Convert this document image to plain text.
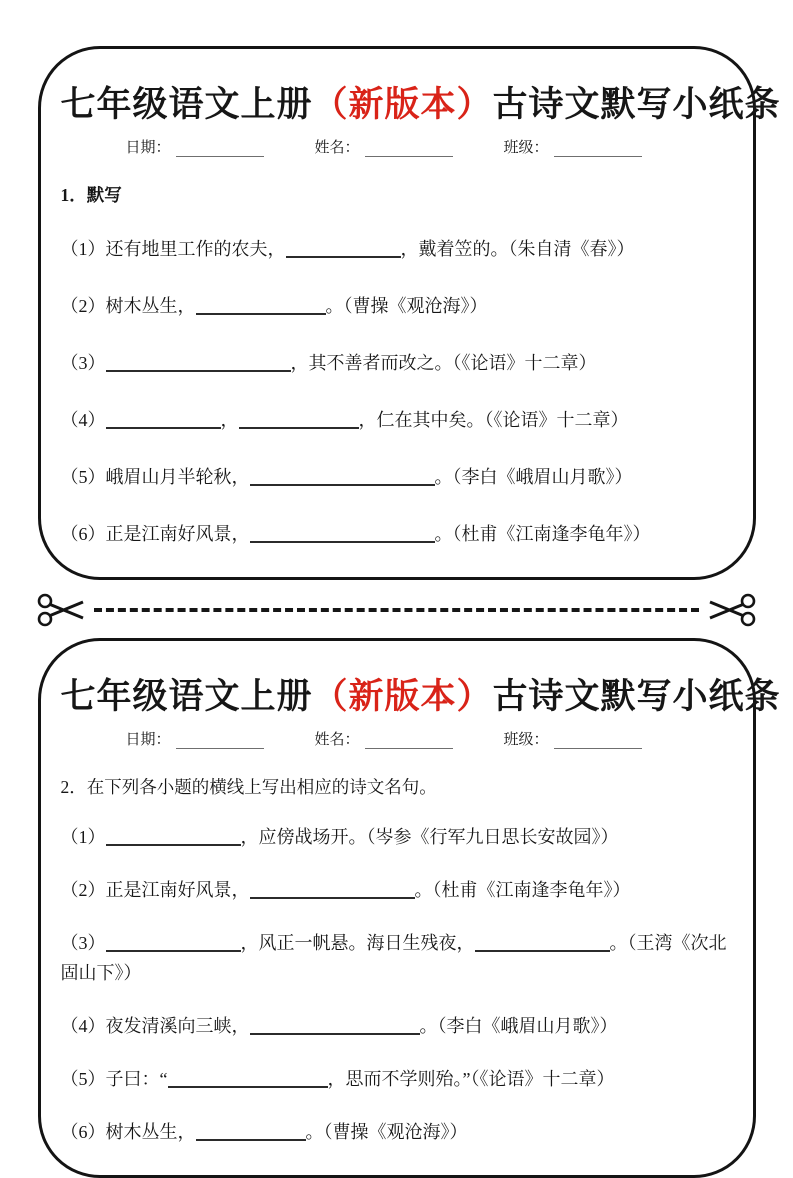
七年级语文上册（新版本）古诗文默写小纸条
日期：	姓名：	班级：
1．默写
（1）还有地里工作的农夫，	，戴着笠的。（朱自清《春》）
（2）树木丛生，	。（曹操《观沧海》）
（3）	，其不善者而改之。（《论语》十二章）
（4）	，	，仁在其中矣。（《论语》十二章）
（5）峨眉山月半轮秋，	。（李白《峨眉山月歌》）
（6）正是江南好风景，	。（杜甫《江南逢李龟年》）
七年级语文上册（新版本）古诗文默写小纸条
日期：	姓名：	班级：
2．在下列各小题的横线上写出相应的诗文名句。
（1）	，应傍战场开。（岑参《行军九日思长安故园》）
（2）正是江南好风景，	。（杜甫《江南逢李龟年》）
（3）	，风正一帆悬。海日生残夜，	。（王湾《次北固山下》）
（4）夜发清溪向三峡，	。（李白《峨眉山月歌》）
（5）子曰：“	，思而不学则殆。”（《论语》十二章）
（6）树木丛生，	。（曹操《观沧海》）
